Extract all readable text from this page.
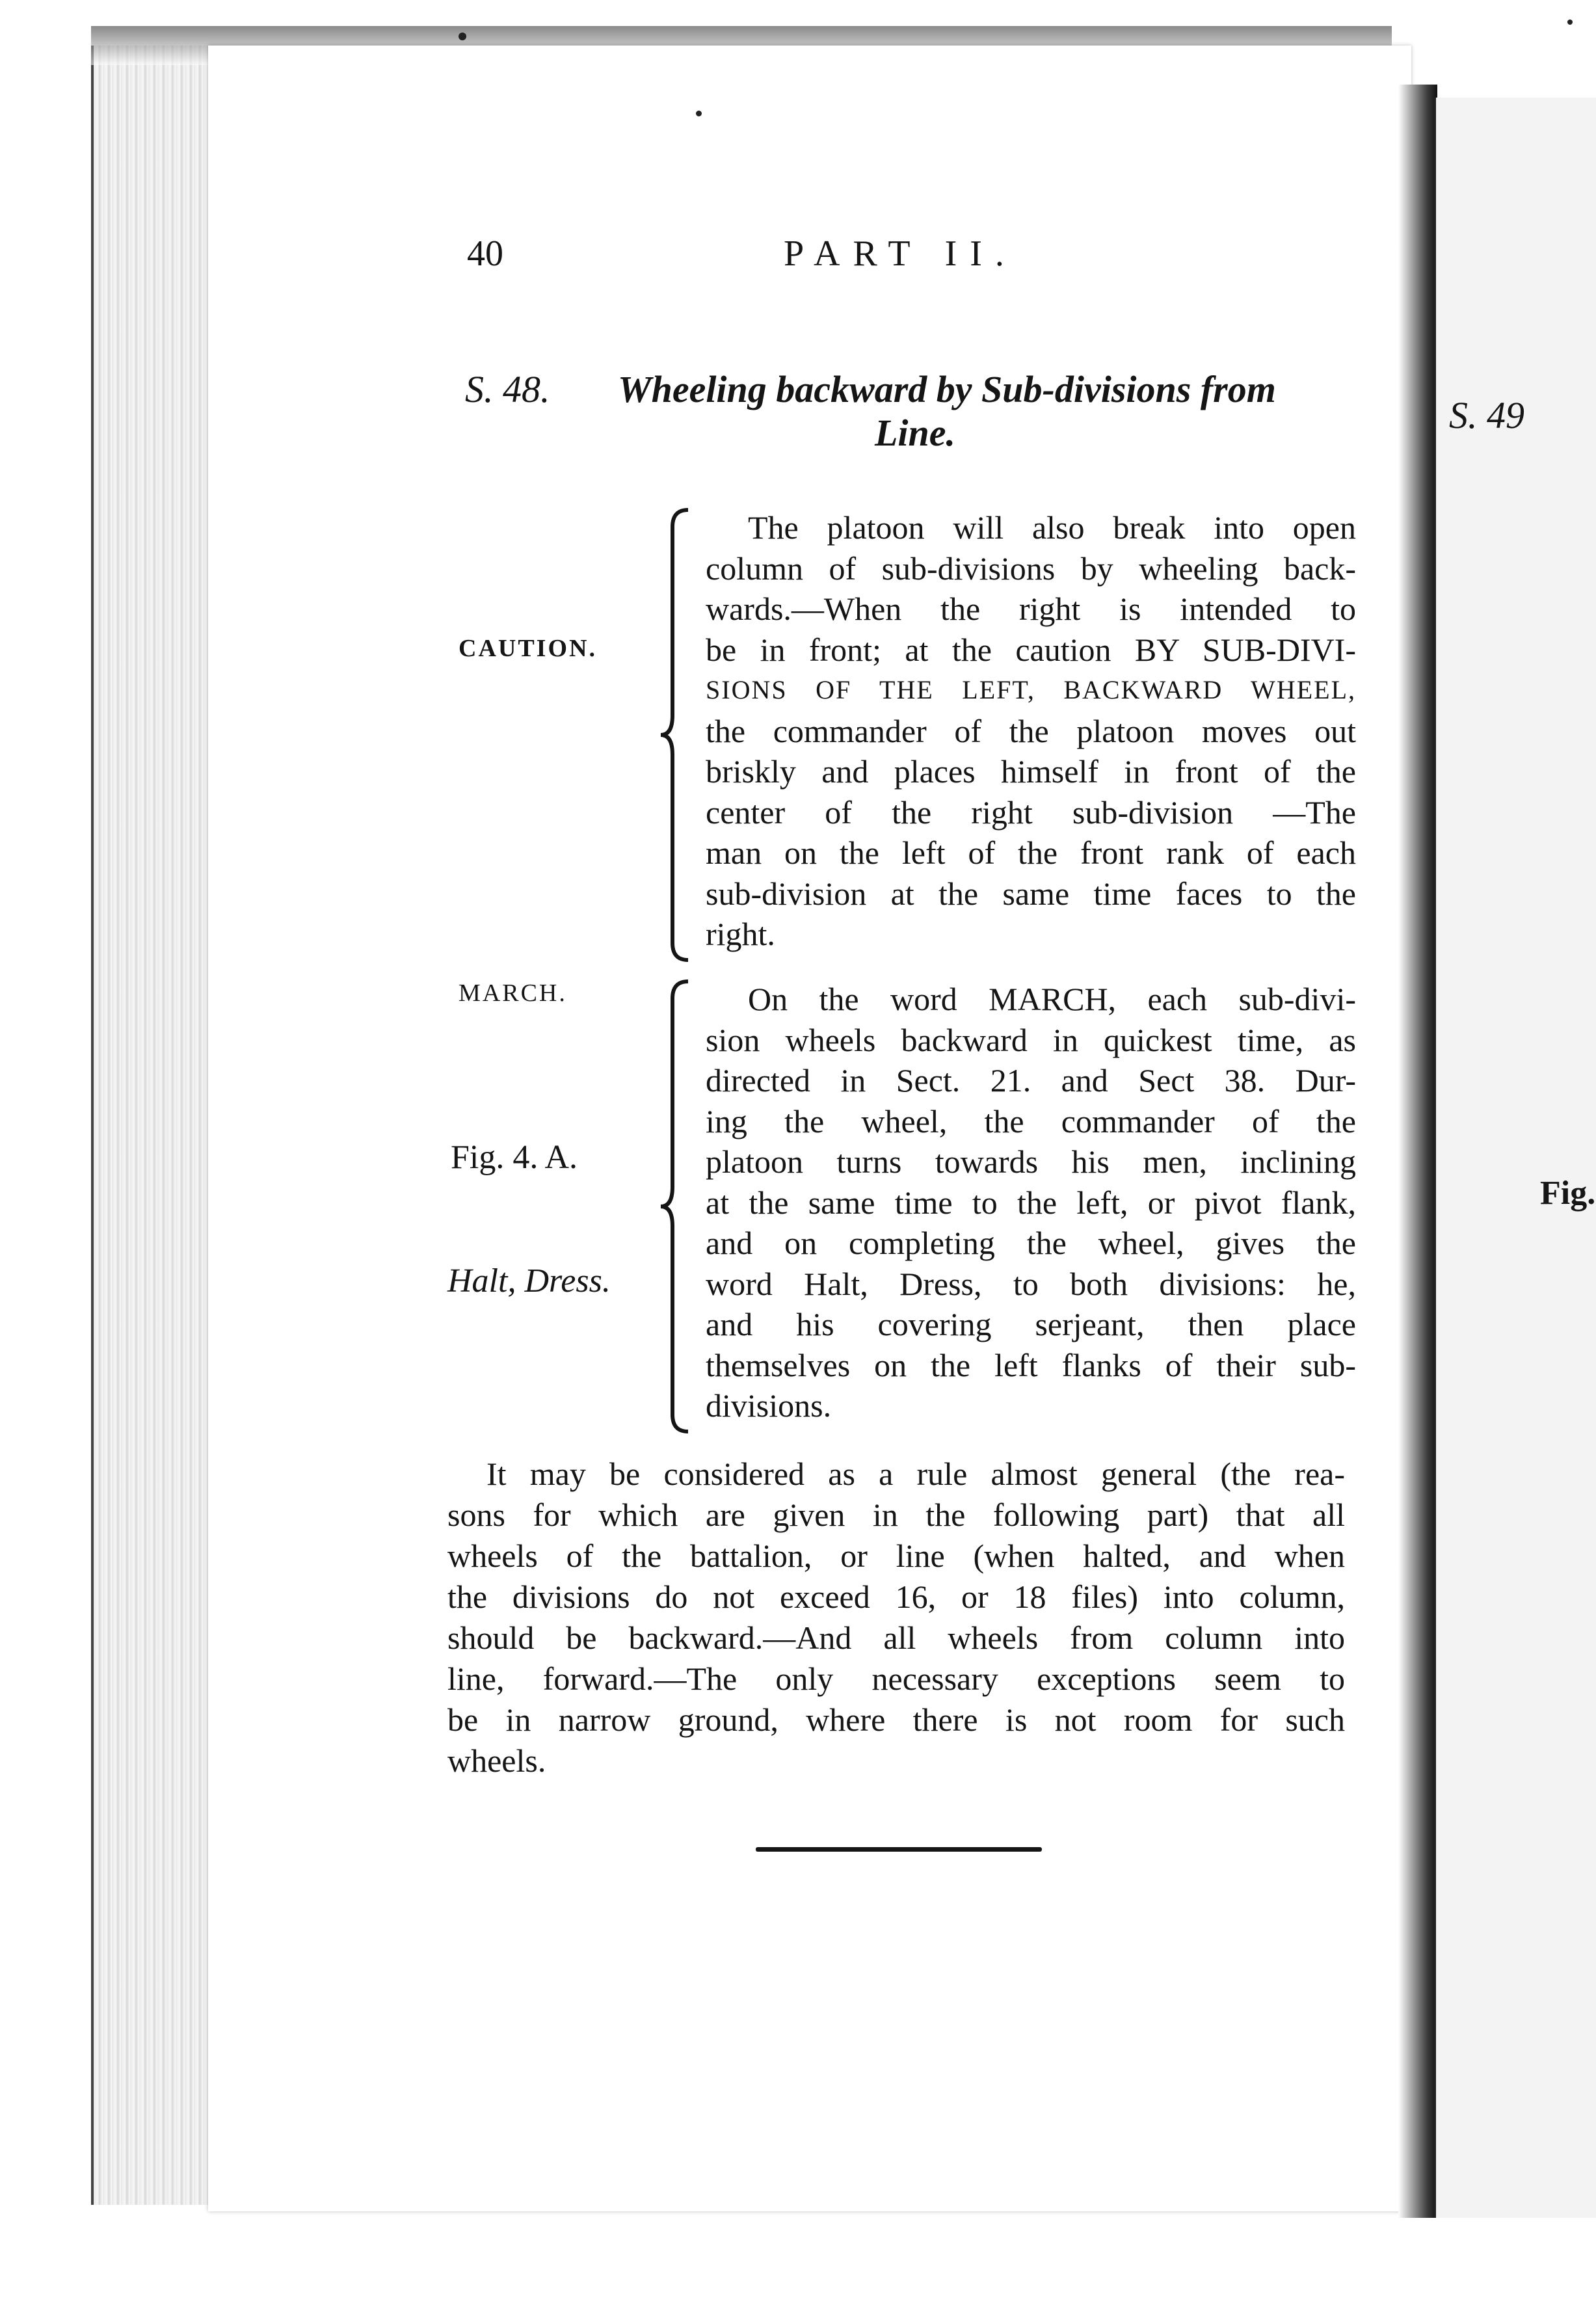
S. 49
Fig.
40	PART II.
S. 48. Wheeling backward by Sub-divisions from
Line.
CAUTION.
MARCH.
Fig. 4. A.
Halt, Dress.
The platoon will also break into open
column of sub-divisions by wheeling back-
wards.—When the right is intended to
be in front; at the caution BY SUB-DIVI-
SIONS OF THE LEFT, BACKWARD WHEEL,
the commander of the platoon moves out
briskly and places himself in front of the
center of the right sub-division —The
man on the left of the front rank of each
sub-division at the same time faces to the
right.
On the word MARCH, each sub-divi-
sion wheels backward in quickest time, as
directed in Sect. 21. and Sect 38. Dur-
ing the wheel, the commander of the
platoon turns towards his men, inclining
at the same time to the left, or pivot flank,
and on completing the wheel, gives the
word Halt, Dress, to both divisions: he,
and his covering serjeant, then place
themselves on the left flanks of their sub-
divisions.
It may be considered as a rule almost general (the rea-
sons for which are given in the following part) that all
wheels of the battalion, or line (when halted, and when
the divisions do not exceed 16, or 18 files) into column,
should be backward.—And all wheels from column into
line, forward.—The only necessary exceptions seem to
be in narrow ground, where there is not room for such
wheels.
